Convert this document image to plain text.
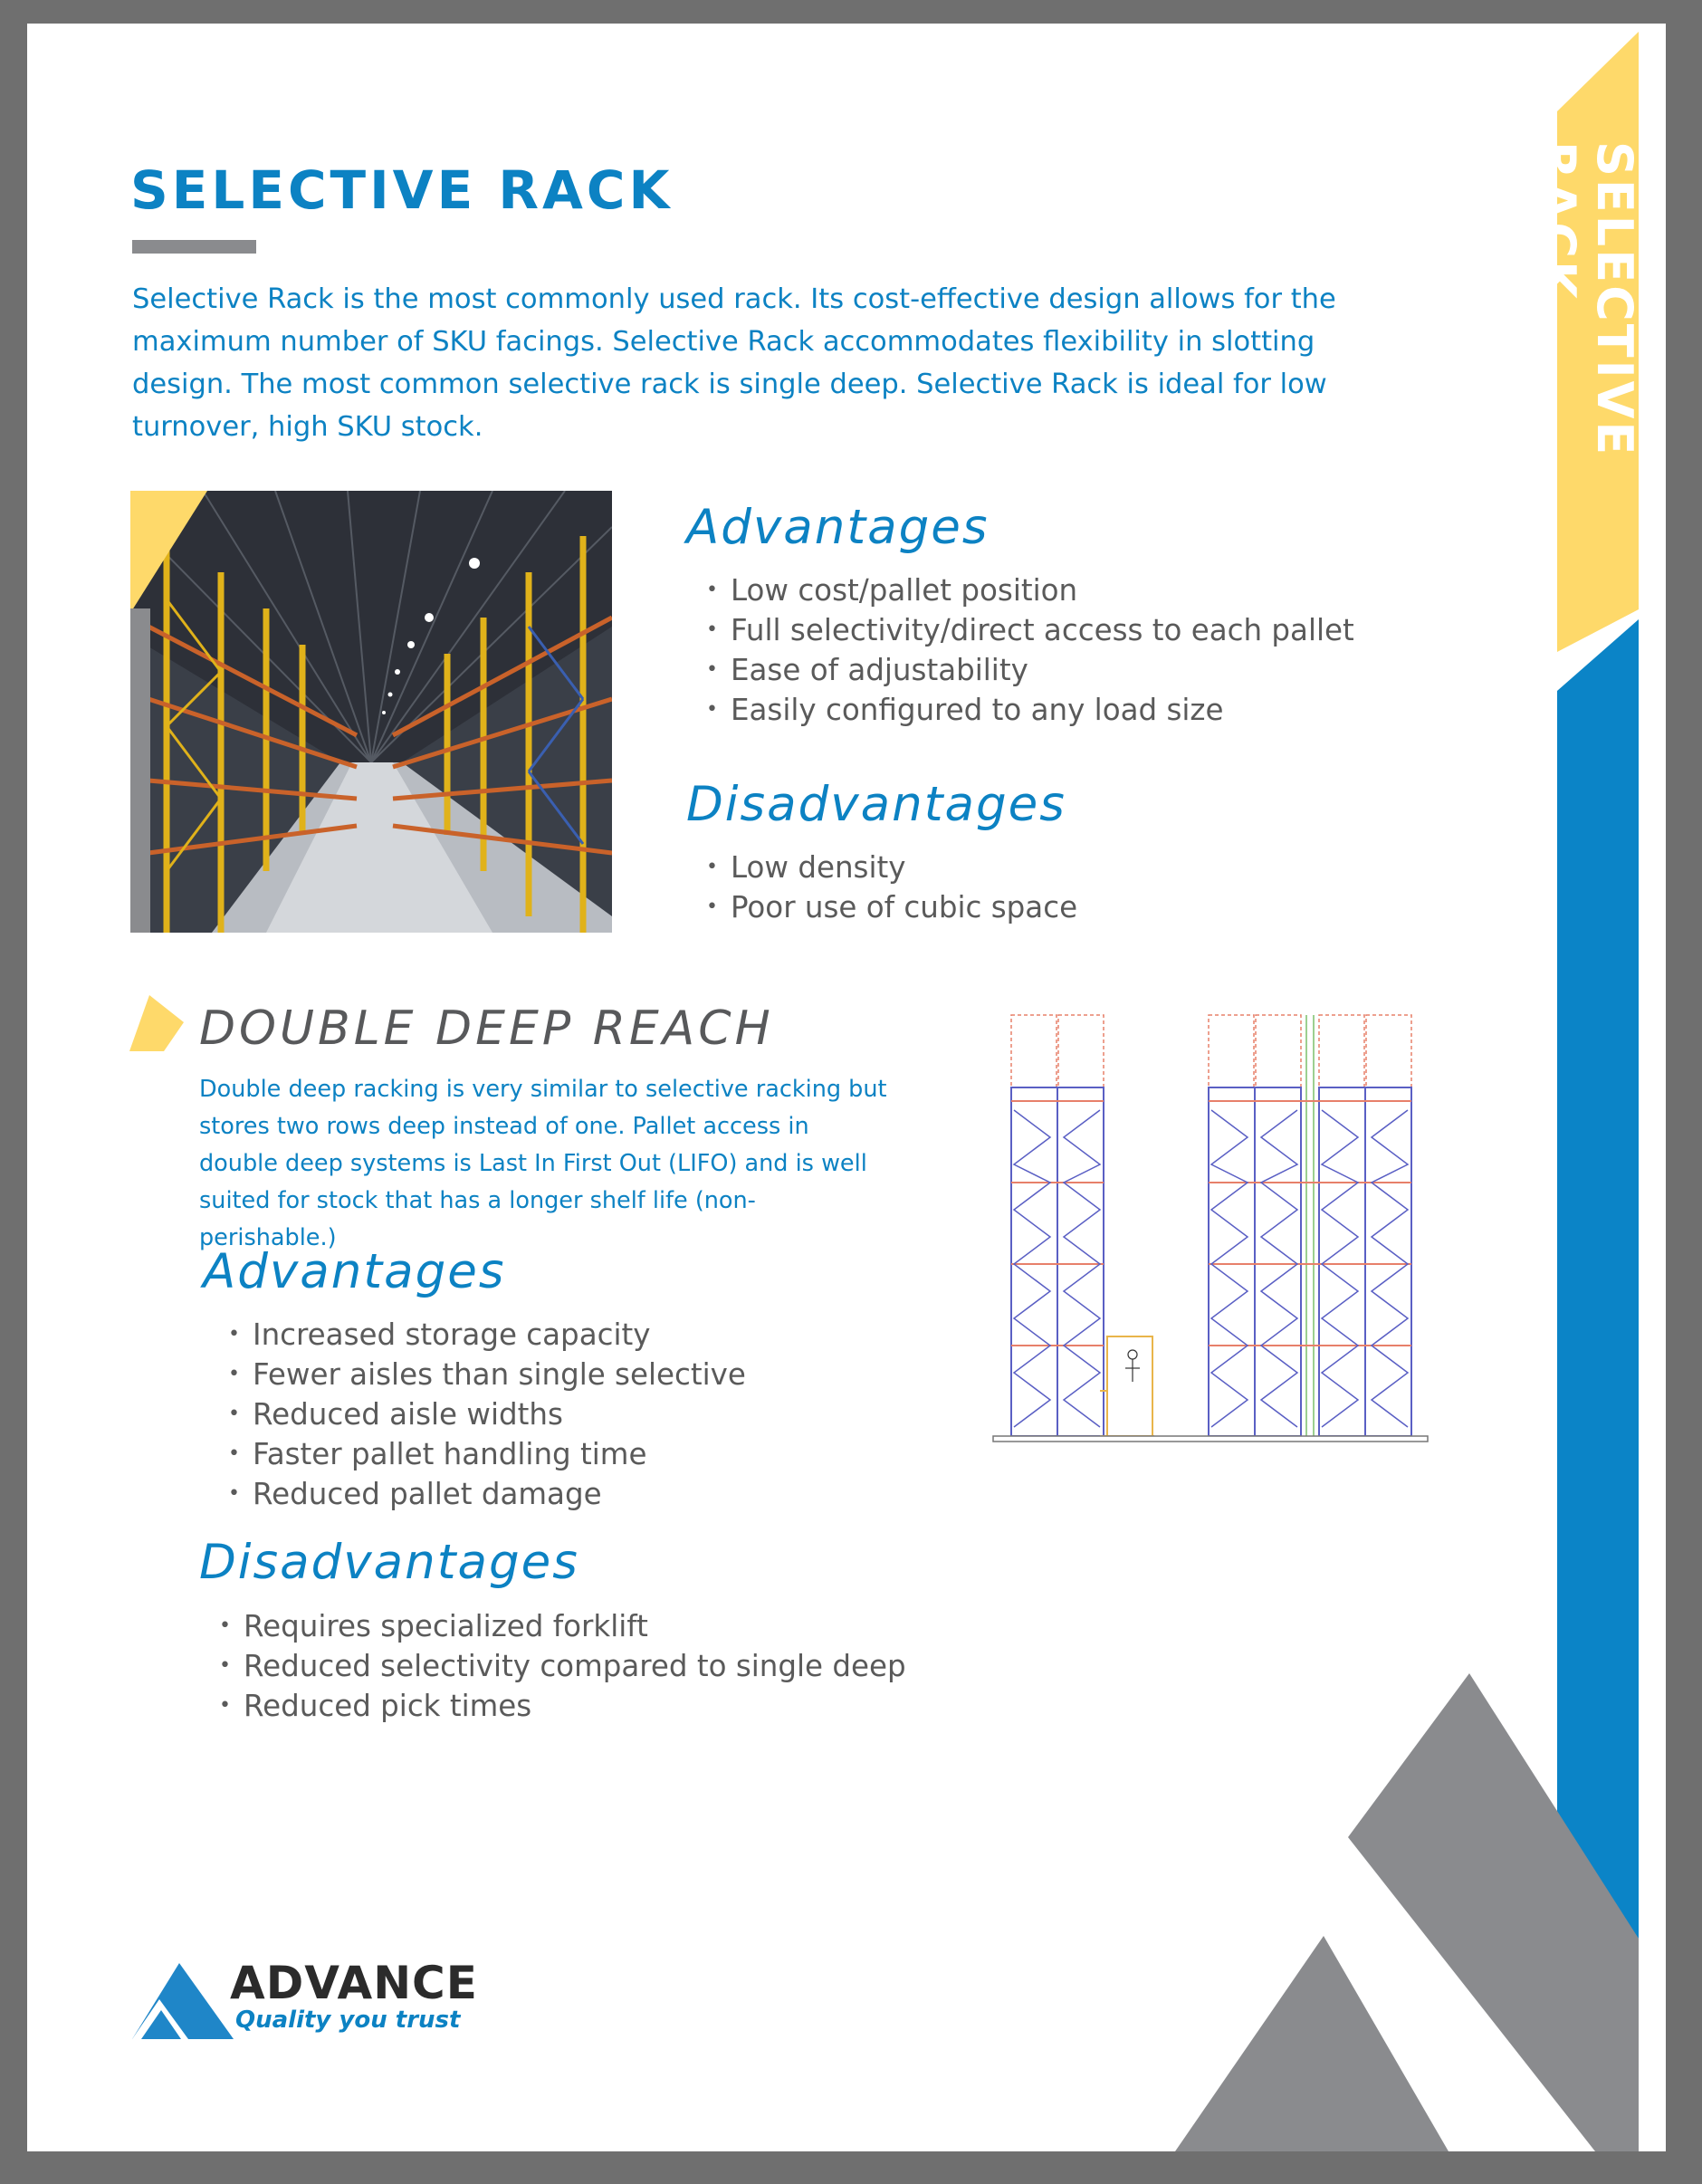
SELECTIVE RACK
SELECTIVE RACK

Selective Rack is the most commonly used rack. Its cost-effective design allows for the maximum number of SKU facings. Selective Rack accommodates flexibility in slotting design. The most common selective rack is single deep. Selective Rack is ideal for low turnover, high SKU stock.

Advantages
• Low cost/pallet position
• Full selectivity/direct access to each pallet
• Ease of adjustability
• Easily configured to any load size
Disadvantages
• Low density
• Poor use of cubic space
DOUBLE DEEP REACH

Double deep racking is very similar to selective racking but stores two rows deep instead of one. Pallet access in double deep systems is Last In First Out (LIFO) and is well suited for stock that has a longer shelf life (non-perishable.)

Advantages
• Increased storage capacity
• Fewer aisles than single selective
• Reduced aisle widths
• Faster pallet handling time
• Reduced pallet damage
Disadvantages
• Requires specialized forklift
• Reduced selectivity compared to single deep
• Reduced pick times
ADVANCE
Quality you trust
